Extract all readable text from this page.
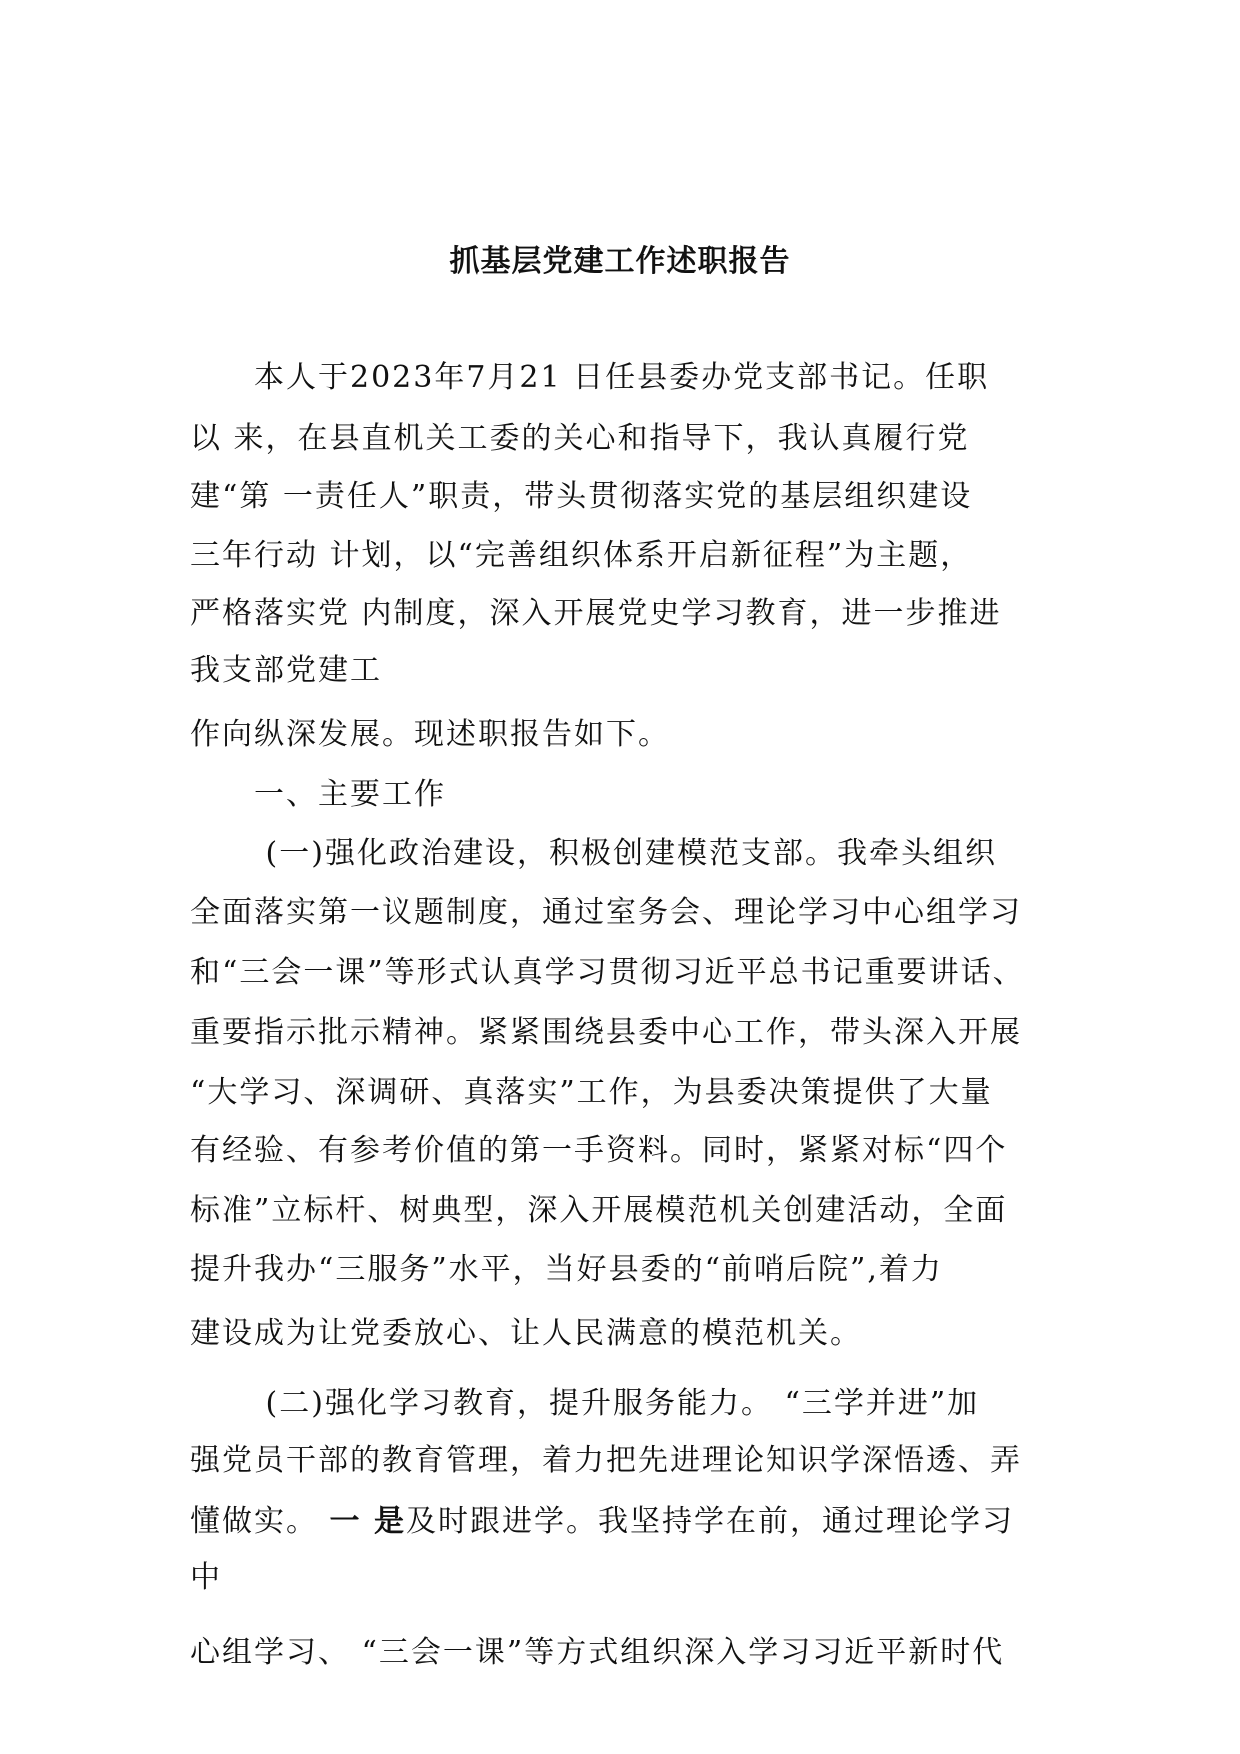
抓基层党建工作述职报告
　　本人于2023年7月21 日任县委办党支部书记。任职
以 来，在县直机关工委的关心和指导下，我认真履行党
建“第 一责任人”职责，带头贯彻落实党的基层组织建设
三年行动 计划，以“完善组织体系开启新征程”为主题，
严格落实党 内制度，深入开展党史学习教育，进一步推进
我支部党建工
作向纵深发展。现述职报告如下。
　　一、主要工作
　　 (一)强化政治建设，积极创建模范支部。我牵头组织
全面落实第一议题制度，通过室务会、理论学习中心组学习
和“三会一课”等形式认真学习贯彻习近平总书记重要讲话、
重要指示批示精神。紧紧围绕县委中心工作，带头深入开展
“大学习、深调研、真落实”工作，为县委决策提供了大量
有经验、有参考价值的第一手资料。同时，紧紧对标“四个
标准”立标杆、树典型，深入开展模范机关创建活动，全面
提升我办“三服务”水平，当好县委的“前哨后院”,着力
建设成为让党委放心、让人民满意的模范机关。
　　 (二)强化学习教育，提升服务能力。 “三学并进”加
强党员干部的教育管理，着力把先进理论知识学深悟透、弄
懂做实。 一 是及时跟进学。我坚持学在前，通过理论学习
中
心组学习、 “三会一课”等方式组织深入学习习近平新时代
